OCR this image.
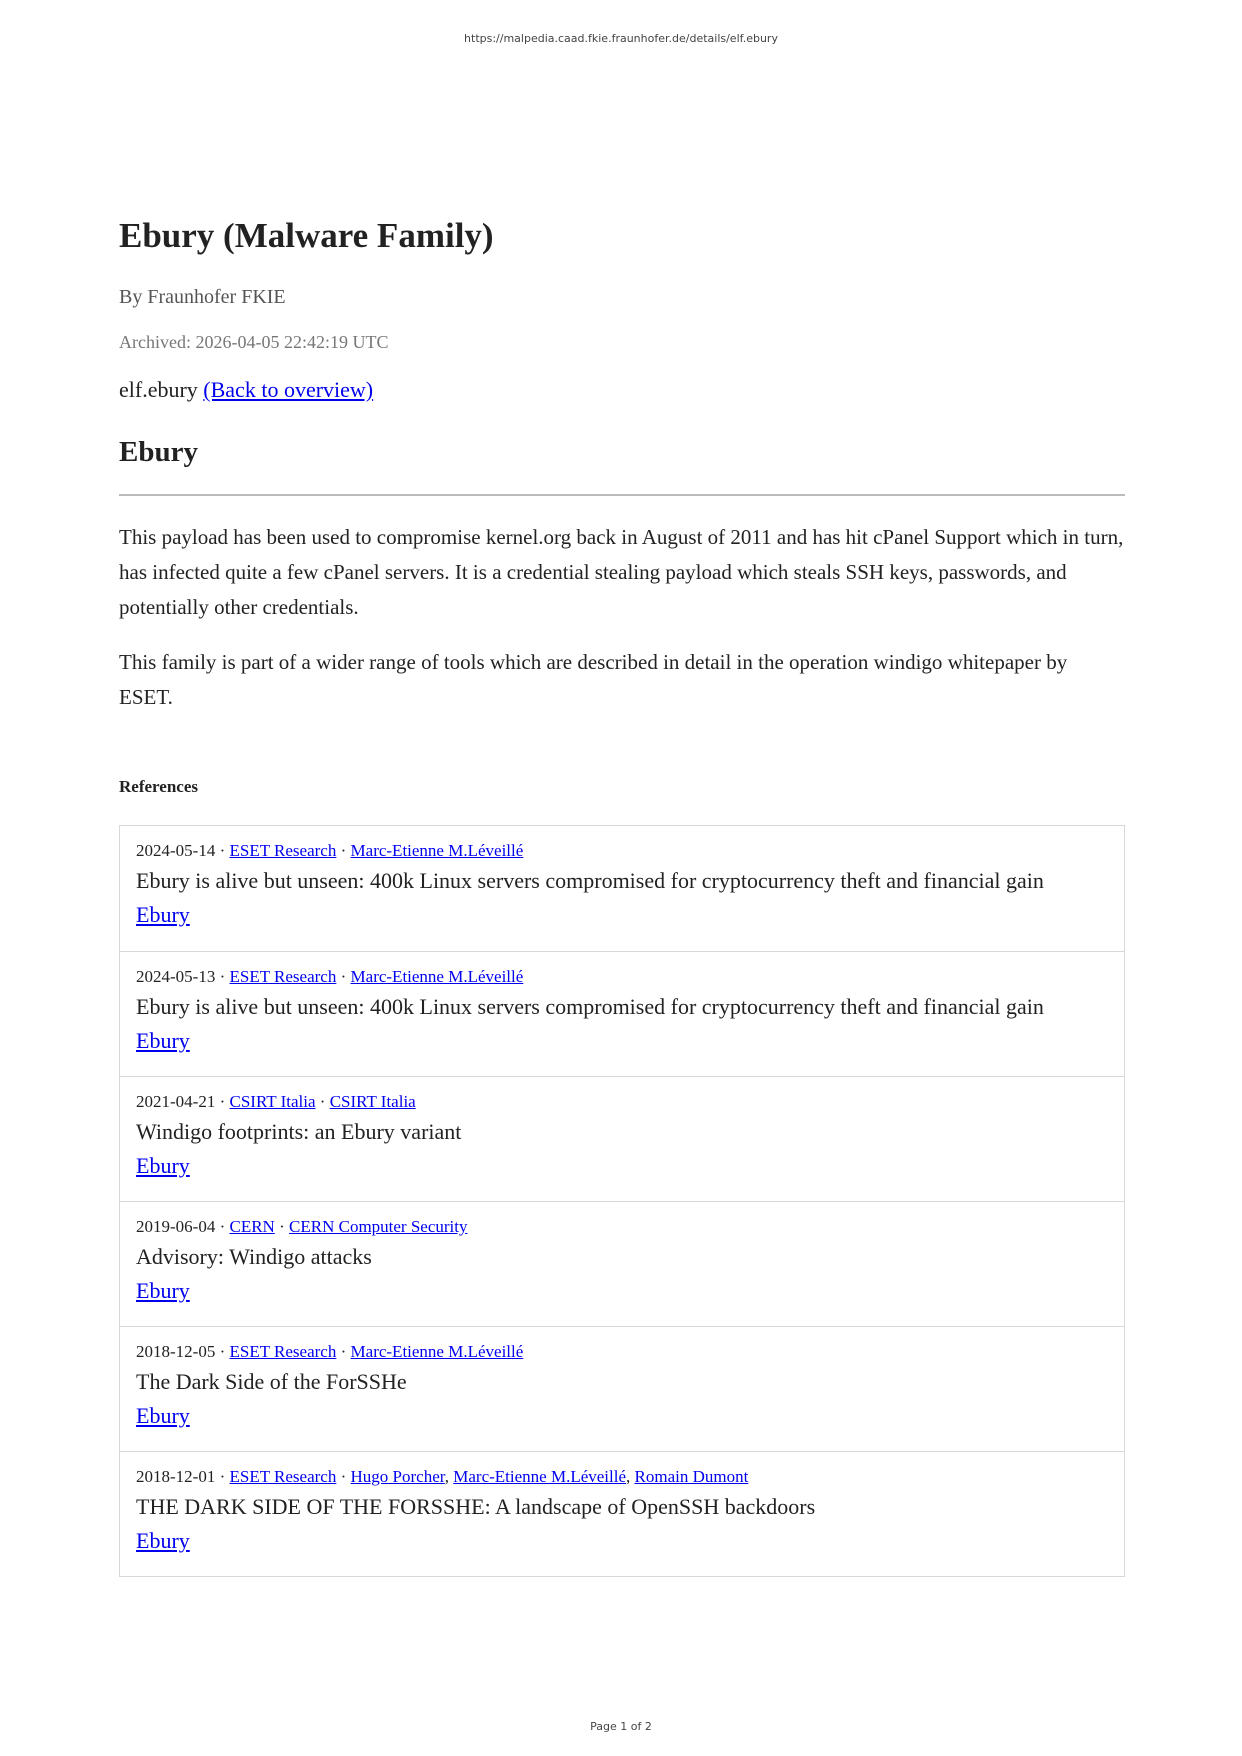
https://malpedia.caad.fkie.fraunhofer.de/details/elf.ebury
Ebury (Malware Family)
By Fraunhofer FKIE
Archived: 2026-04-05 22:42:19 UTC
elf.ebury (Back to overview)
Ebury

This payload has been used to compromise kernel.org back in August of 2011 and has hit cPanel Support which in turn, has infected quite a few cPanel servers. It is a credential stealing payload which steals SSH keys, passwords, and potentially other credentials.

This family is part of a wider range of tools which are described in detail in the operation windigo whitepaper by ESET.

References
2024-05-14 · ESET Research · Marc-Etienne M.Léveillé
Ebury is alive but unseen: 400k Linux servers compromised for cryptocurrency theft and financial gain
Ebury
2024-05-13 · ESET Research · Marc-Etienne M.Léveillé
Ebury is alive but unseen: 400k Linux servers compromised for cryptocurrency theft and financial gain
Ebury
2021-04-21 · CSIRT Italia · CSIRT Italia
Windigo footprints: an Ebury variant
Ebury
2019-06-04 · CERN · CERN Computer Security
Advisory: Windigo attacks
Ebury
2018-12-05 · ESET Research · Marc-Etienne M.Léveillé
The Dark Side of the ForSSHe
Ebury
2018-12-01 · ESET Research · Hugo Porcher, Marc-Etienne M.Léveillé, Romain Dumont
THE DARK SIDE OF THE FORSSHE: A landscape of OpenSSH backdoors
Ebury
Page 1 of 2
